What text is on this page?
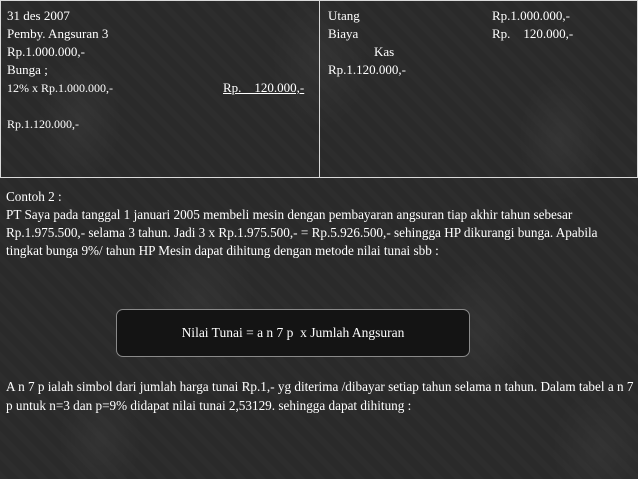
31 des 2007
Pemby. Angsuran 3
Rp.1.000.000,-
Bunga ;
12% x Rp.1.000.000,-	Rp.    120.000,-
Rp.1.120.000,-
Utang	Rp.1.000.000,-
Biaya	Rp.    120.000,-
Kas
Rp.1.120.000,-
Contoh 2 :
PT Saya pada tanggal 1 januari 2005 membeli mesin dengan pembayaran angsuran tiap akhir tahun sebesar Rp.1.975.500,- selama 3 tahun. Jadi 3 x Rp.1.975.500,- = Rp.5.926.500,- sehingga HP dikurangi bunga. Apabila tingkat bunga 9%/ tahun HP Mesin dapat dihitung dengan metode nilai tunai sbb :
Nilai Tunai = a n 7 p  x Jumlah Angsuran
A n 7 p ialah simbol dari jumlah harga tunai Rp.1,- yg diterima /dibayar setiap tahun selama n tahun. Dalam tabel a n 7 p untuk n=3 dan p=9% didapat nilai tunai 2,53129. sehingga dapat dihitung :
